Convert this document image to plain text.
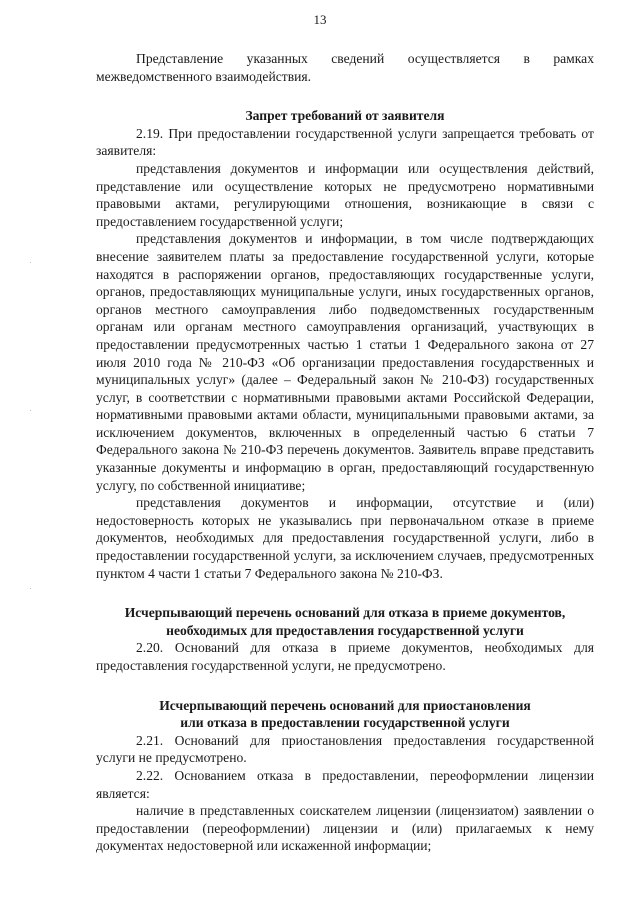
13

Представление указанных сведений осуществляется в рамках межведомственного взаимодействия.

Запрет требований от заявителя

2.19. При предоставлении государственной услуги запрещается требовать от заявителя:

представления документов и информации или осуществления действий, представление или осуществление которых не предусмотрено нормативными правовыми актами, регулирующими отношения, возникающие в связи с предоставлением государственной услуги;

представления документов и информации, в том числе подтверждающих внесение заявителем платы за предоставление государственной услуги, которые находятся в распоряжении органов, предоставляющих государственные услуги, органов, предоставляющих муниципальные услуги, иных государственных органов, органов местного самоуправления либо подведомственных государственным органам или органам местного самоуправления организаций, участвующих в предоставлении предусмотренных частью 1 статьи 1 Федерального закона от 27 июля 2010 года № 210-ФЗ «Об организации предоставления государственных и муниципальных услуг» (далее – Федеральный закон № 210-ФЗ) государственных услуг, в соответствии с нормативными правовыми актами Российской Федерации, нормативными правовыми актами области, муниципальными правовыми актами, за исключением документов, включенных в определенный частью 6 статьи 7 Федерального закона № 210-ФЗ перечень документов. Заявитель вправе представить указанные документы и информацию в орган, предоставляющий государственную услугу, по собственной инициативе;

представления документов и информации, отсутствие и (или) недостоверность которых не указывались при первоначальном отказе в приеме документов, необходимых для предоставления государственной услуги, либо в предоставлении государственной услуги, за исключением случаев, предусмотренных пунктом 4 части 1 статьи 7 Федерального закона № 210-ФЗ.

Исчерпывающий перечень оснований для отказа в приеме документов,
необходимых для предоставления государственной услуги

2.20. Оснований для отказа в приеме документов, необходимых для предоставления государственной услуги, не предусмотрено.

Исчерпывающий перечень оснований для приостановления
или отказа в предоставлении государственной услуги

2.21. Оснований для приостановления предоставления государственной услуги не предусмотрено.

2.22. Основанием отказа в предоставлении, переоформлении лицензии является:

наличие в представленных соискателем лицензии (лицензиатом) заявлении о предоставлении (переоформлении) лицензии и (или) прилагаемых к нему документах недостоверной или искаженной информации;
